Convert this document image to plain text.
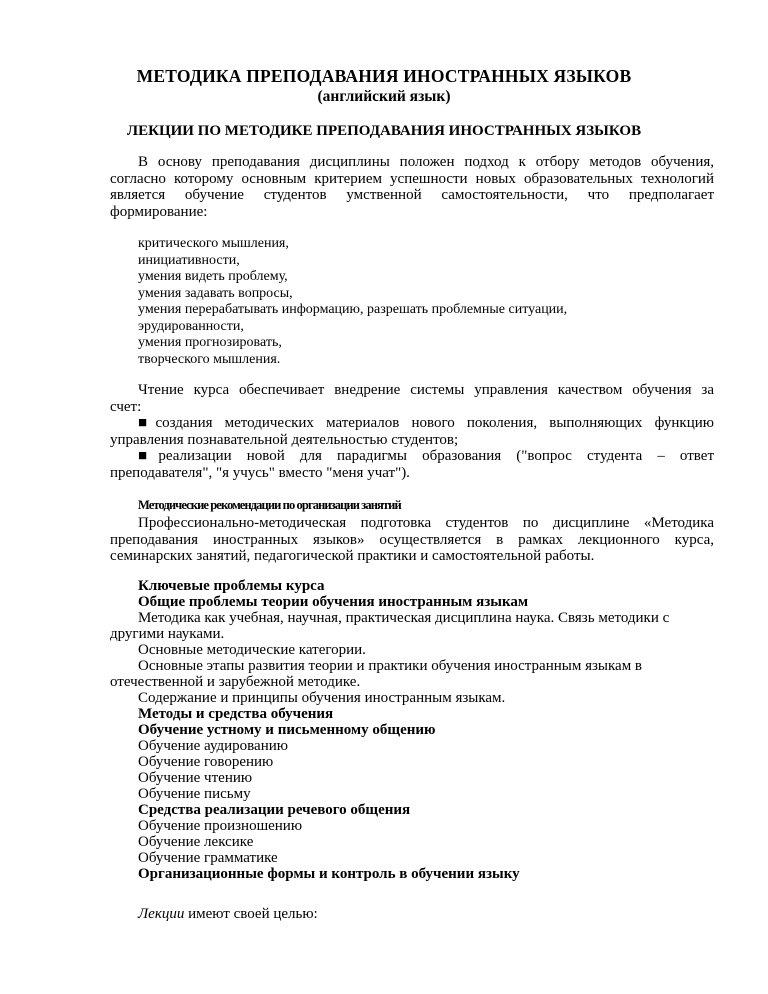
МЕТОДИКА ПРЕПОДАВАНИЯ ИНОСТРАННЫХ ЯЗЫКОВ
(английский язык)
ЛЕКЦИИ ПО МЕТОДИКЕ ПРЕПОДАВАНИЯ ИНОСТРАННЫХ ЯЗЫКОВ
В основу преподавания дисциплины положен подход к отбору методов обучения,
согласно которому основным критерием успешности новых образовательных технологий
является обучение студентов умственной самостоятельности, что предполагает
формирование:
критического мышления,
инициативности,
умения видеть проблему,
умения задавать вопросы,
умения перерабатывать информацию, разрешать проблемные ситуации,
эрудированности,
умения прогнозировать,
творческого мышления.
Чтение курса обеспечивает внедрение системы управления качеством обучения за
счет:
■создания методических материалов нового поколения, выполняющих функцию
управления познавательной деятельностью студентов;
■реализации новой для парадигмы образования ("вопрос студента – ответ
преподавателя", "я учусь" вместо "меня учат").
Методические рекомендации по организации занятий
Профессионально-методическая подготовка студентов по дисциплине «Методика
преподавания иностранных языков» осуществляется в рамках лекционного курса,
семинарских занятий, педагогической практики и самостоятельной работы.
Ключевые проблемы курса
Общие проблемы теории обучения иностранным языкам
Методика как учебная, научная, практическая дисциплина наука. Связь методики с
другими науками.
Основные методические категории.
Основные этапы развития теории и практики обучения иностранным языкам в
отечественной и зарубежной методике.
Содержание и принципы обучения иностранным языкам.
Методы и средства обучения
Обучение устному и письменному общению
Обучение аудированию
Обучение говорению
Обучение чтению
Обучение письму
Средства реализации речевого общения
Обучение произношению
Обучение лексике
Обучение грамматике
Организационные формы и контроль в обучении языку
Лекции имеют своей целью:
